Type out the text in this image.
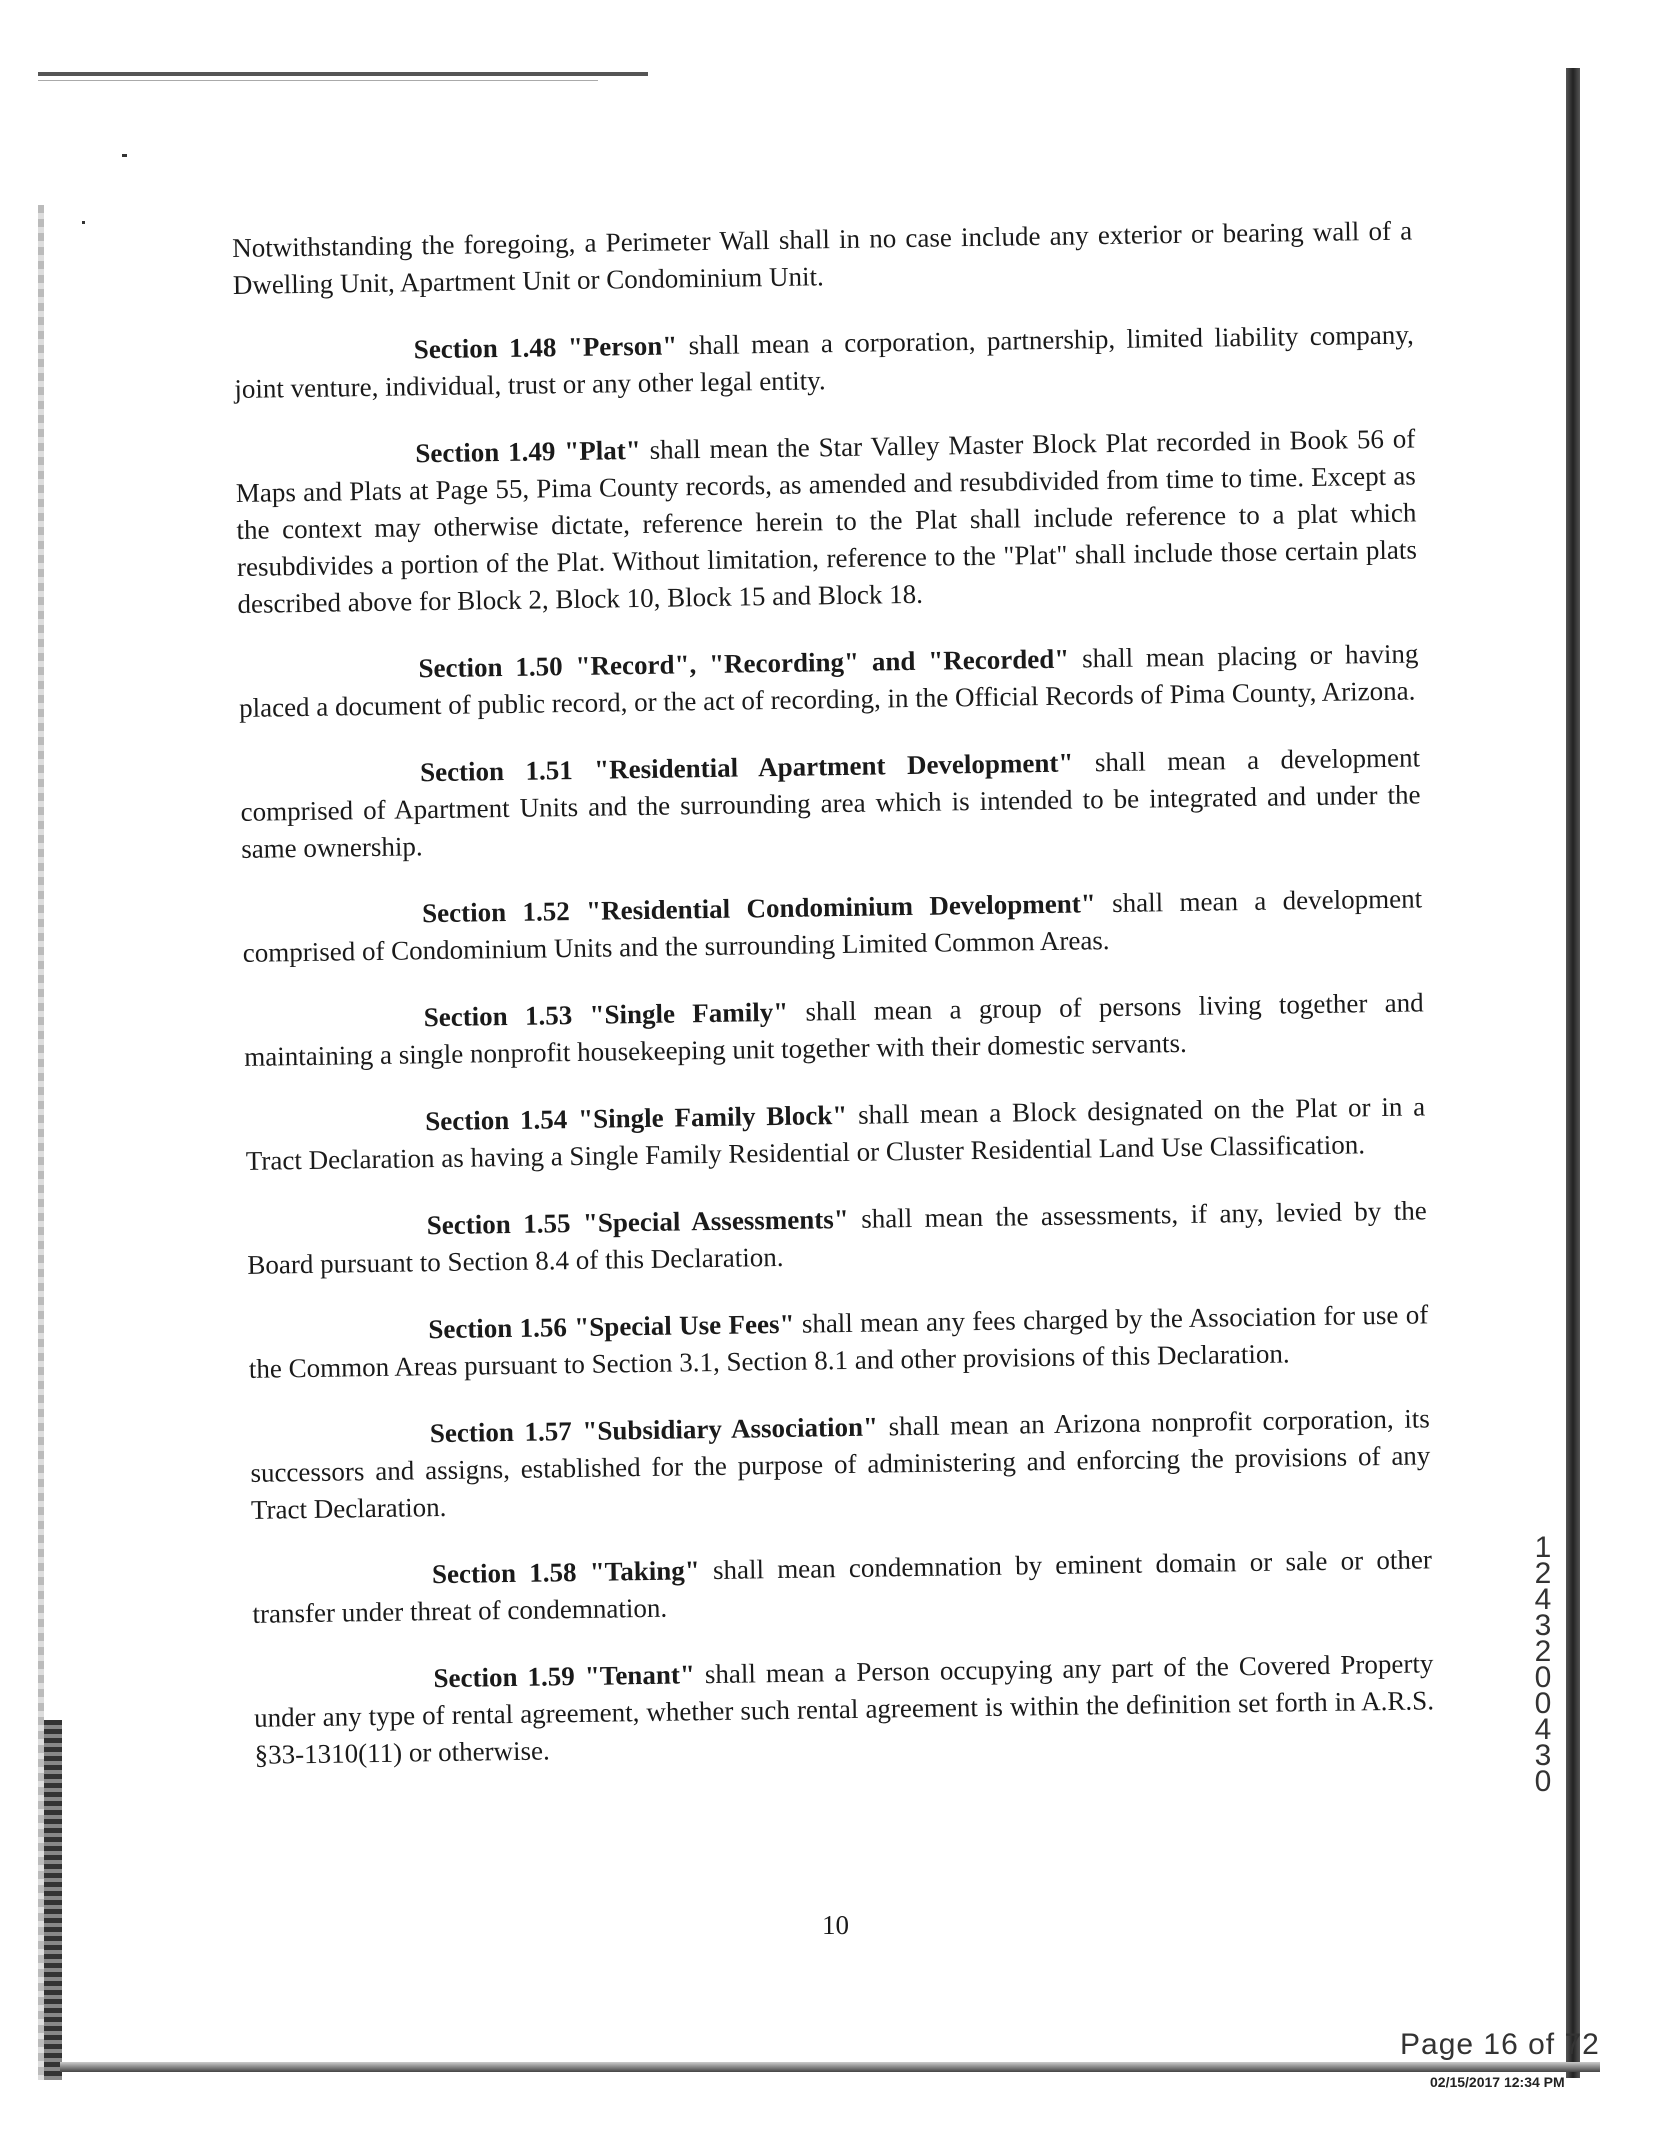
Notwithstanding the foregoing, a Perimeter Wall shall in no case include any exterior or bearing wall of a Dwelling Unit, Apartment Unit or Condominium Unit.

Section 1.48 "Person" shall mean a corporation, partnership, limited liability company, joint venture, individual, trust or any other legal entity.

Section 1.49 "Plat" shall mean the Star Valley Master Block Plat recorded in Book 56 of Maps and Plats at Page 55, Pima County records, as amended and resubdivided from time to time. Except as the context may otherwise dictate, reference herein to the Plat shall include reference to a plat which resubdivides a portion of the Plat. Without limitation, reference to the "Plat" shall include those certain plats described above for Block 2, Block 10, Block 15 and Block 18.

Section 1.50 "Record", "Recording" and "Recorded" shall mean placing or having placed a document of public record, or the act of recording, in the Official Records of Pima County, Arizona.

Section 1.51 "Residential Apartment Development" shall mean a development comprised of Apartment Units and the surrounding area which is intended to be integrated and under the same ownership.

Section 1.52 "Residential Condominium Development" shall mean a development comprised of Condominium Units and the surrounding Limited Common Areas.

Section 1.53 "Single Family" shall mean a group of persons living together and maintaining a single nonprofit housekeeping unit together with their domestic servants.

Section 1.54 "Single Family Block" shall mean a Block designated on the Plat or in a Tract Declaration as having a Single Family Residential or Cluster Residential Land Use Classification.

Section 1.55 "Special Assessments" shall mean the assessments, if any, levied by the Board pursuant to Section 8.4 of this Declaration.

Section 1.56 "Special Use Fees" shall mean any fees charged by the Association for use of the Common Areas pursuant to Section 3.1, Section 8.1 and other provisions of this Declaration.

Section 1.57 "Subsidiary Association" shall mean an Arizona nonprofit corporation, its successors and assigns, established for the purpose of administering and enforcing the provisions of any Tract Declaration.

Section 1.58 "Taking" shall mean condemnation by eminent domain or sale or other transfer under threat of condemnation.

Section 1.59 "Tenant" shall mean a Person occupying any part of the Covered Property under any type of rental agreement, whether such rental agreement is within the definition set forth in A.R.S. §33-1310(11) or otherwise.

10
12432 00430
Page 16 of 72
02/15/2017 12:34 PM
